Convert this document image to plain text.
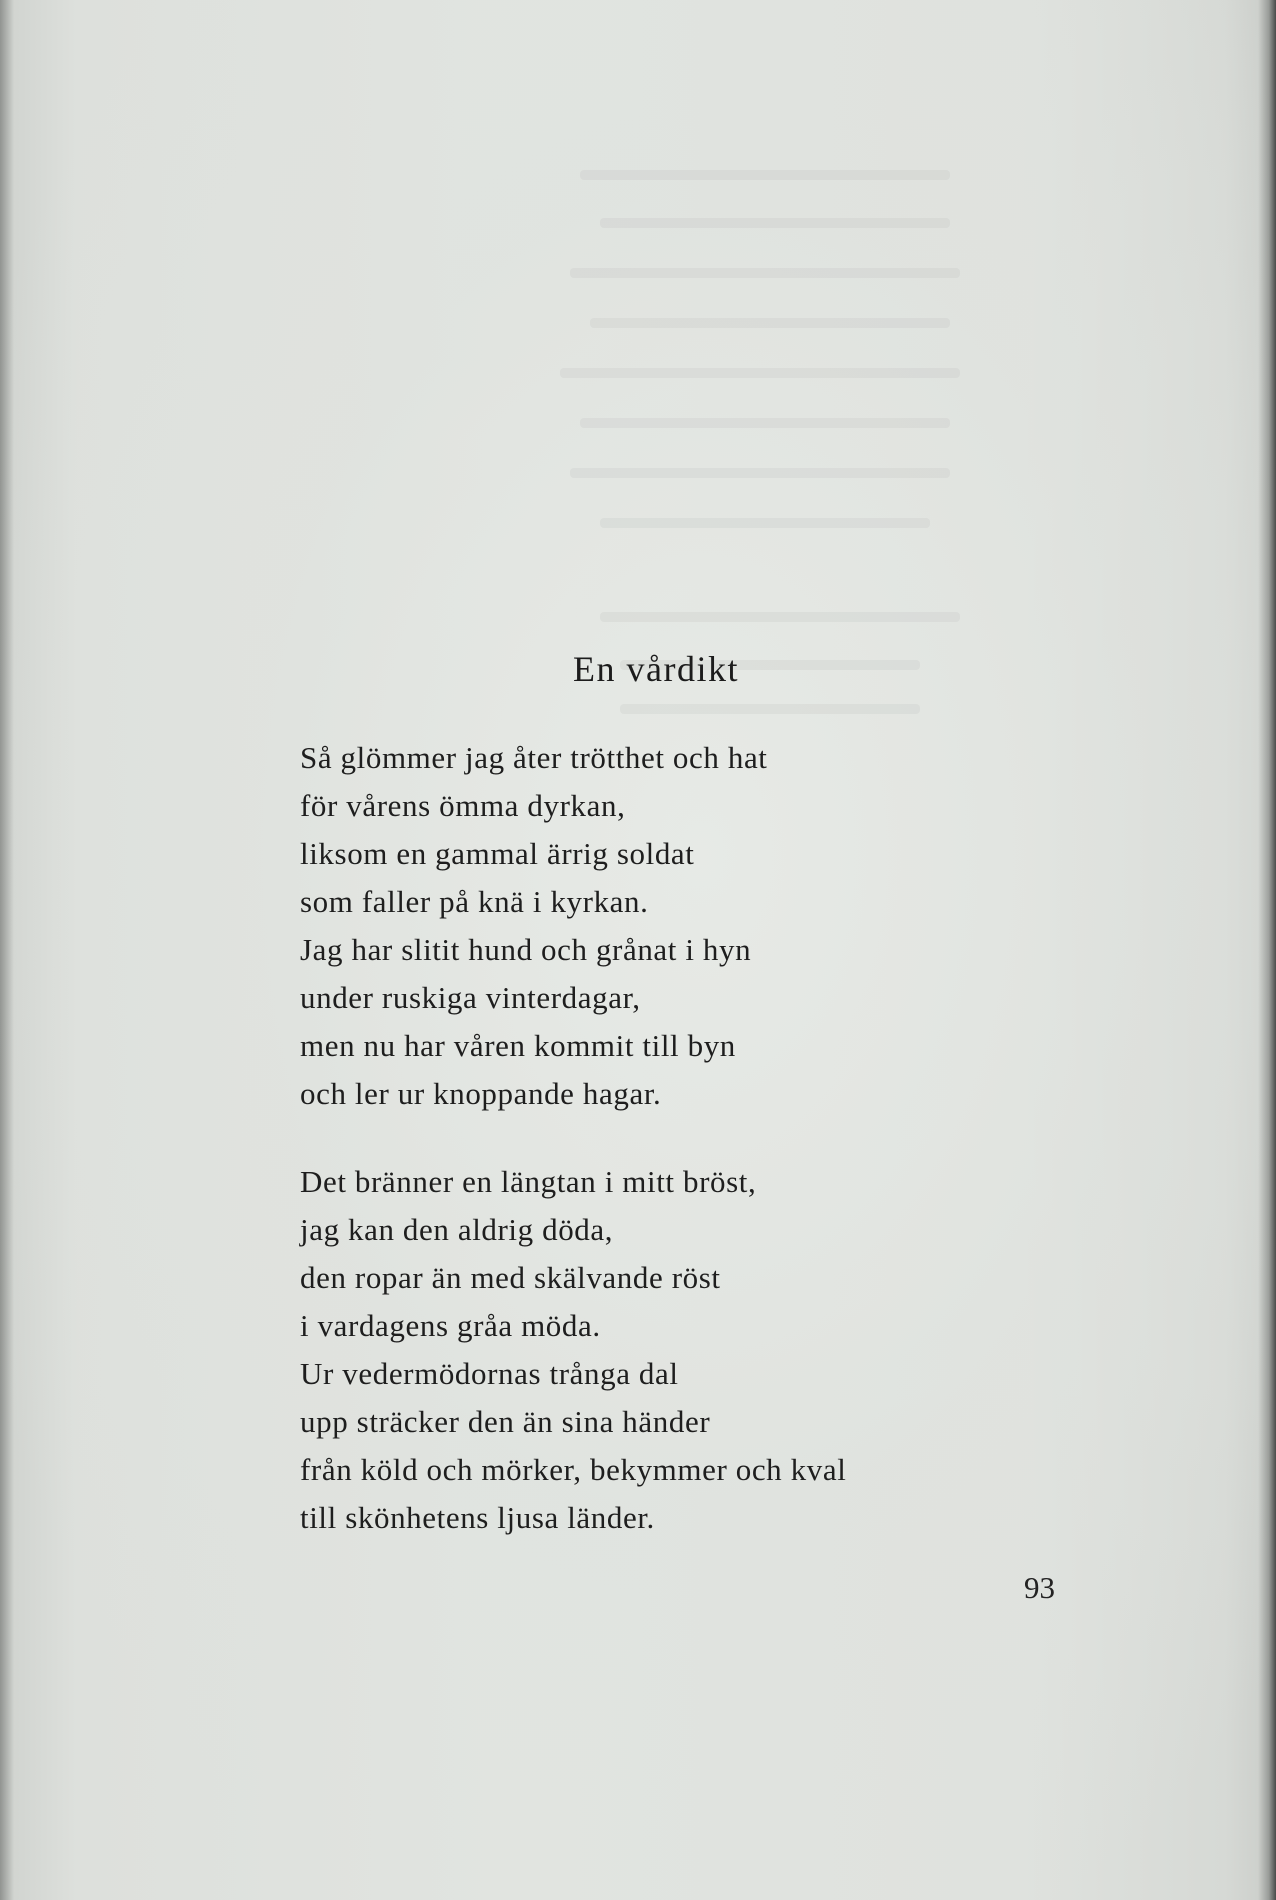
En vårdikt
Så glömmer jag åter trötthet och hat
för vårens ömma dyrkan,
liksom en gammal ärrig soldat
som faller på knä i kyrkan.
Jag har slitit hund och grånat i hyn
under ruskiga vinterdagar,
men nu har våren kommit till byn
och ler ur knoppande hagar.
Det bränner en längtan i mitt bröst,
jag kan den aldrig döda,
den ropar än med skälvande röst
i vardagens gråa möda.
Ur vedermödornas trånga dal
upp sträcker den än sina händer
från köld och mörker, bekymmer och kval
till skönhetens ljusa länder.
93
